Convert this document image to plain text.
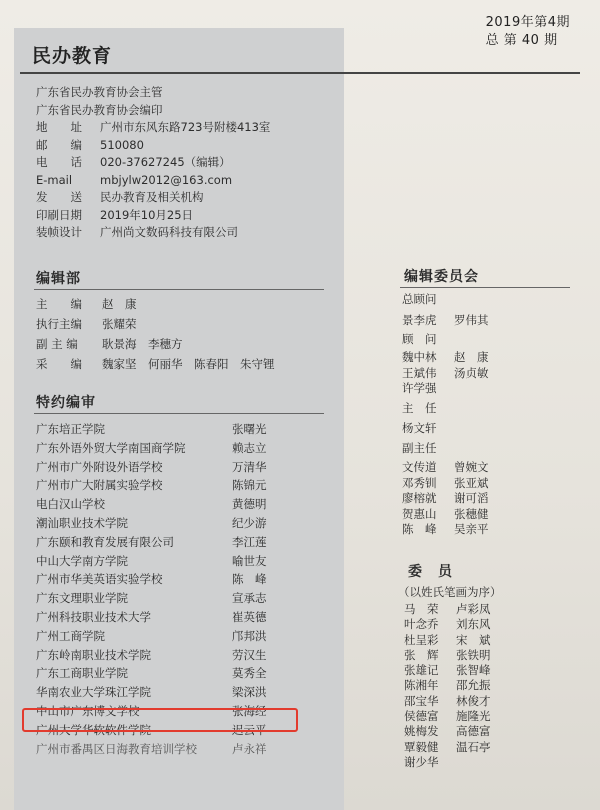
2019年第4期
总 第 40 期
民办教育
广东省民办教育协会主管
广东省民办教育协会编印
地　　址 广州市东风东路723号附楼413室
邮　　编 510080
电　　话 020-37627245（编辑）
E-mail mbjylw2012@163.com
发　　送 民办教育及相关机构
印刷日期 2019年10月25日
装帧设计 广州尚文数码科技有限公司
编辑部
主　　编 赵　康
执行主编 张耀荣
副 主 编 耿景海　李穗方
采　　编 魏家坚　何丽华　陈春阳　朱守锂
特约编审
广东培正学院	张曙光
广东外语外贸大学南国商学院	赖志立
广州市广外附设外语学校	万清华
广州市广大附属实验学校	陈锦元
电白汉山学校	黄德明
潮汕职业技术学院	纪少游
广东颐和教育发展有限公司	李江莲
中山大学南方学院	喻世友
广州市华美英语实验学校	陈　峰
广东文理职业学院	宣承志
广州科技职业技术大学	崔英德
广州工商学院	邝邦洪
广东岭南职业技术学院	劳汉生
广东工商职业学院	莫秀全
华南农业大学珠江学院	梁深洪
中山市广东博文学校	张海经
广州大学华软软件学院	迟云平
广州市番禺区日海教育培训学校	卢永祥
编辑委员会
总顾问
景李虎 罗伟其
顾　问
魏中林 赵　康
王斌伟 汤贞敏
许学强
主　任
杨文轩
副主任
文传道 曾婉文
邓秀钏 张亚斌
廖榕就 谢可滔
贺惠山 张穗健
陈　峰 吴亲平
委　员
（以姓氏笔画为序）
马　荣 卢彩凤
叶念乔 刘东风
杜呈彩 宋　斌
张　辉 张铁明
张雄记 张智峰
陈湘年 邵允振
邵宝华 林俊才
侯德富 施隆光
姚梅发 高德富
覃毅健 温石亭
谢少华
